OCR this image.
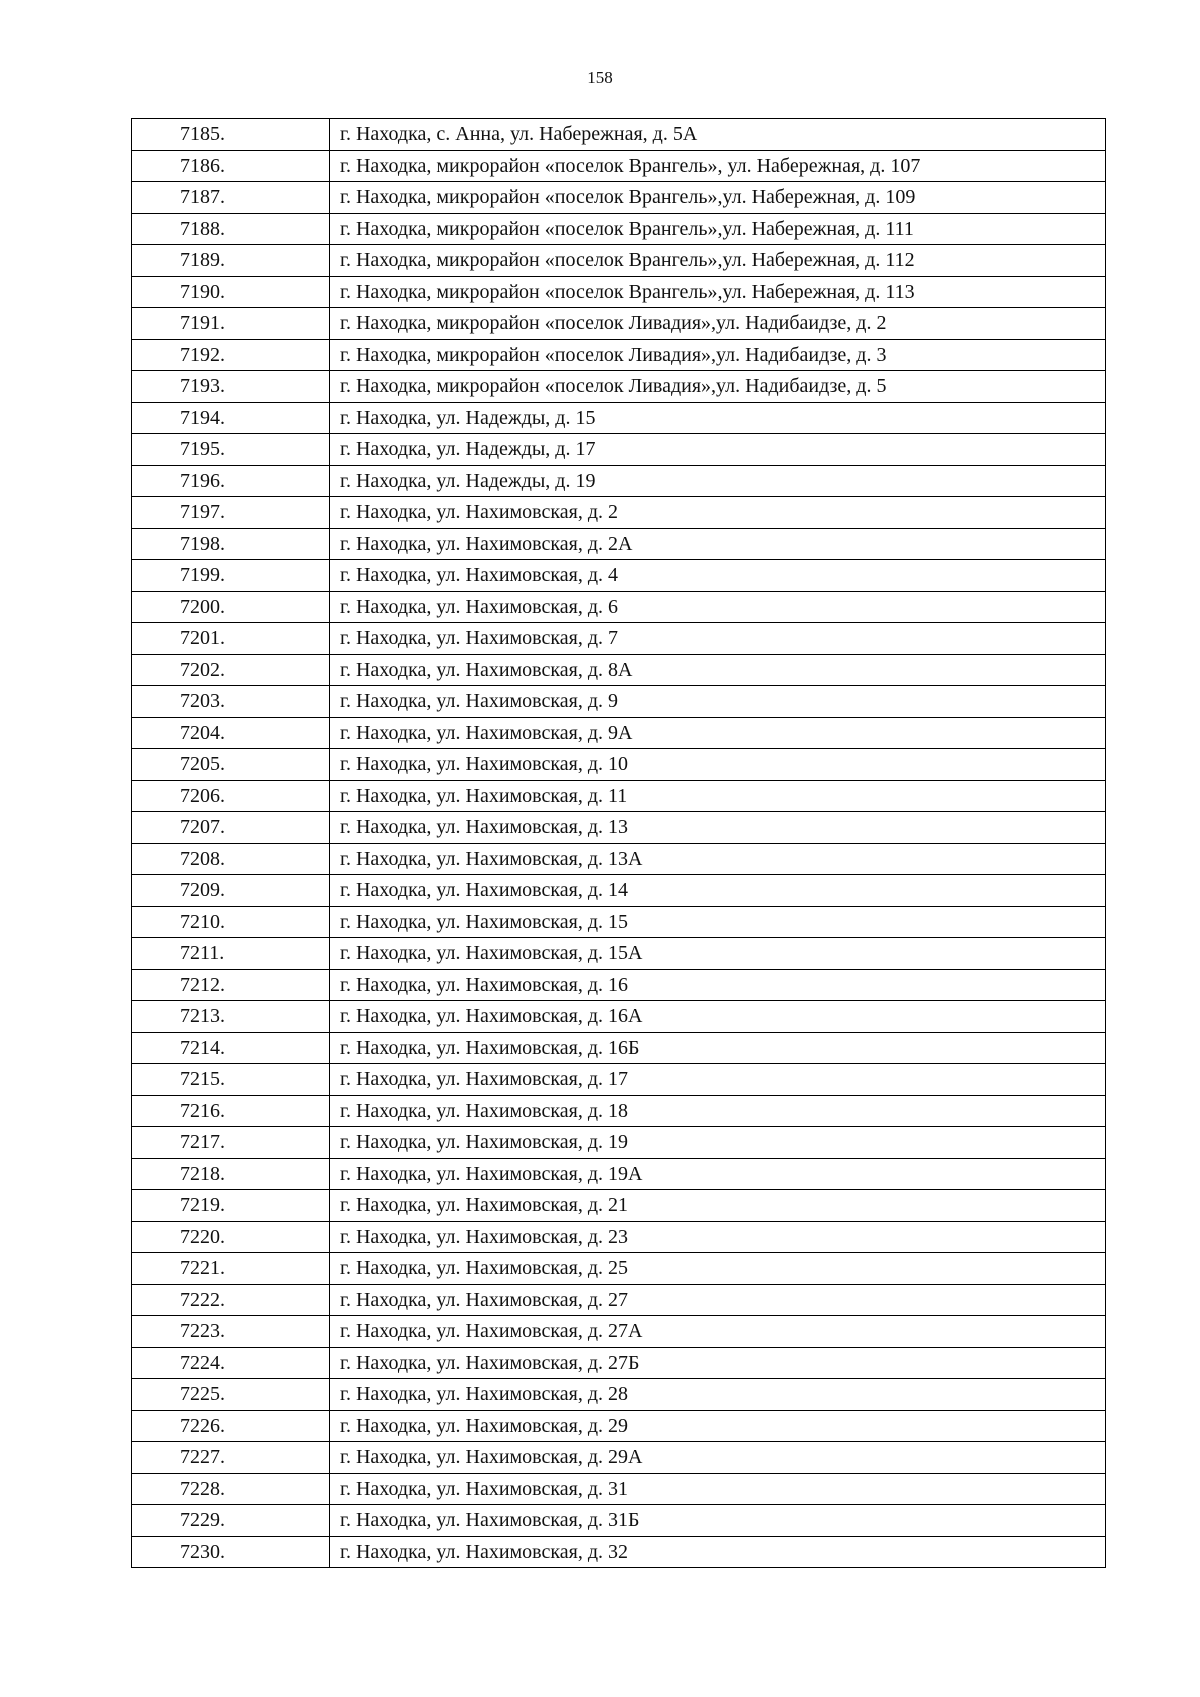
158
7185.	г. Находка, с. Анна, ул. Набережная, д. 5А
7186.	г. Находка, микрорайон «поселок Врангель», ул. Набережная, д. 107
7187.	г. Находка, микрорайон «поселок Врангель»,ул. Набережная, д. 109
7188.	г. Находка, микрорайон «поселок Врангель»,ул. Набережная, д. 111
7189.	г. Находка, микрорайон «поселок Врангель»,ул. Набережная, д. 112
7190.	г. Находка, микрорайон «поселок Врангель»,ул. Набережная, д. 113
7191.	г. Находка, микрорайон «поселок Ливадия»,ул. Надибаидзе, д. 2
7192.	г. Находка, микрорайон «поселок Ливадия»,ул. Надибаидзе, д. 3
7193.	г. Находка, микрорайон «поселок Ливадия»,ул. Надибаидзе, д. 5
7194.	г. Находка, ул. Надежды, д. 15
7195.	г. Находка, ул. Надежды, д. 17
7196.	г. Находка, ул. Надежды, д. 19
7197.	г. Находка, ул. Нахимовская, д. 2
7198.	г. Находка, ул. Нахимовская, д. 2А
7199.	г. Находка, ул. Нахимовская, д. 4
7200.	г. Находка, ул. Нахимовская, д. 6
7201.	г. Находка, ул. Нахимовская, д. 7
7202.	г. Находка, ул. Нахимовская, д. 8А
7203.	г. Находка, ул. Нахимовская, д. 9
7204.	г. Находка, ул. Нахимовская, д. 9А
7205.	г. Находка, ул. Нахимовская, д. 10
7206.	г. Находка, ул. Нахимовская, д. 11
7207.	г. Находка, ул. Нахимовская, д. 13
7208.	г. Находка, ул. Нахимовская, д. 13А
7209.	г. Находка, ул. Нахимовская, д. 14
7210.	г. Находка, ул. Нахимовская, д. 15
7211.	г. Находка, ул. Нахимовская, д. 15А
7212.	г. Находка, ул. Нахимовская, д. 16
7213.	г. Находка, ул. Нахимовская, д. 16А
7214.	г. Находка, ул. Нахимовская, д. 16Б
7215.	г. Находка, ул. Нахимовская, д. 17
7216.	г. Находка, ул. Нахимовская, д. 18
7217.	г. Находка, ул. Нахимовская, д. 19
7218.	г. Находка, ул. Нахимовская, д. 19А
7219.	г. Находка, ул. Нахимовская, д. 21
7220.	г. Находка, ул. Нахимовская, д. 23
7221.	г. Находка, ул. Нахимовская, д. 25
7222.	г. Находка, ул. Нахимовская, д. 27
7223.	г. Находка, ул. Нахимовская, д. 27А
7224.	г. Находка, ул. Нахимовская, д. 27Б
7225.	г. Находка, ул. Нахимовская, д. 28
7226.	г. Находка, ул. Нахимовская, д. 29
7227.	г. Находка, ул. Нахимовская, д. 29А
7228.	г. Находка, ул. Нахимовская, д. 31
7229.	г. Находка, ул. Нахимовская, д. 31Б
7230.	г. Находка, ул. Нахимовская, д. 32
